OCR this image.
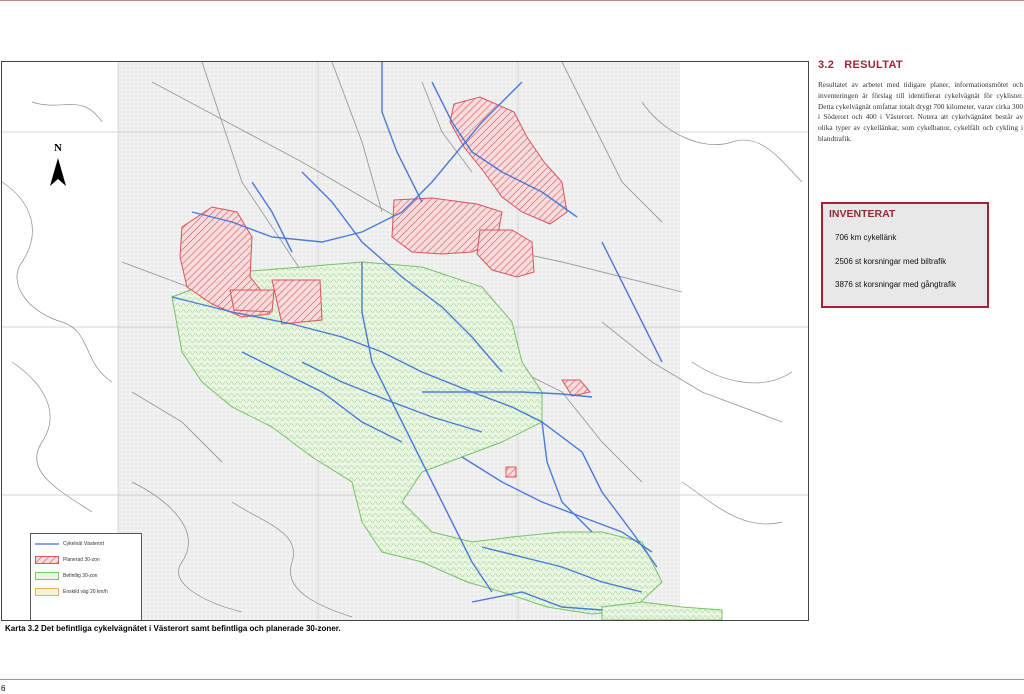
N
Cykelnät Västerort
Planerad 30-zon
Befintlig 30-zon
Enskild väg 20 km/h
Karta 3.2 Det befintliga cykelvägnätet i Västerort samt befintliga och planerade 30-zoner.
3.2 RESULTAT
Resultatet av arbetet med tidigare planer, informationsmötet och inventeringen är förslag till identifierat cykelvägnät för cyklister. Detta cykelvägnät omfattar totalt drygt 700 kilometer, varav cirka 300 i Söderort och 400 i Västerort. Notera att cykelvägnätet består av olika typer av cykellänkar, som cykelbanor, cykelfält och cykling i blandtrafik.
INVENTERAT
706 km cykellänk
2506 st korsningar med biltrafik
3876 st korsningar med gångtrafik
6
